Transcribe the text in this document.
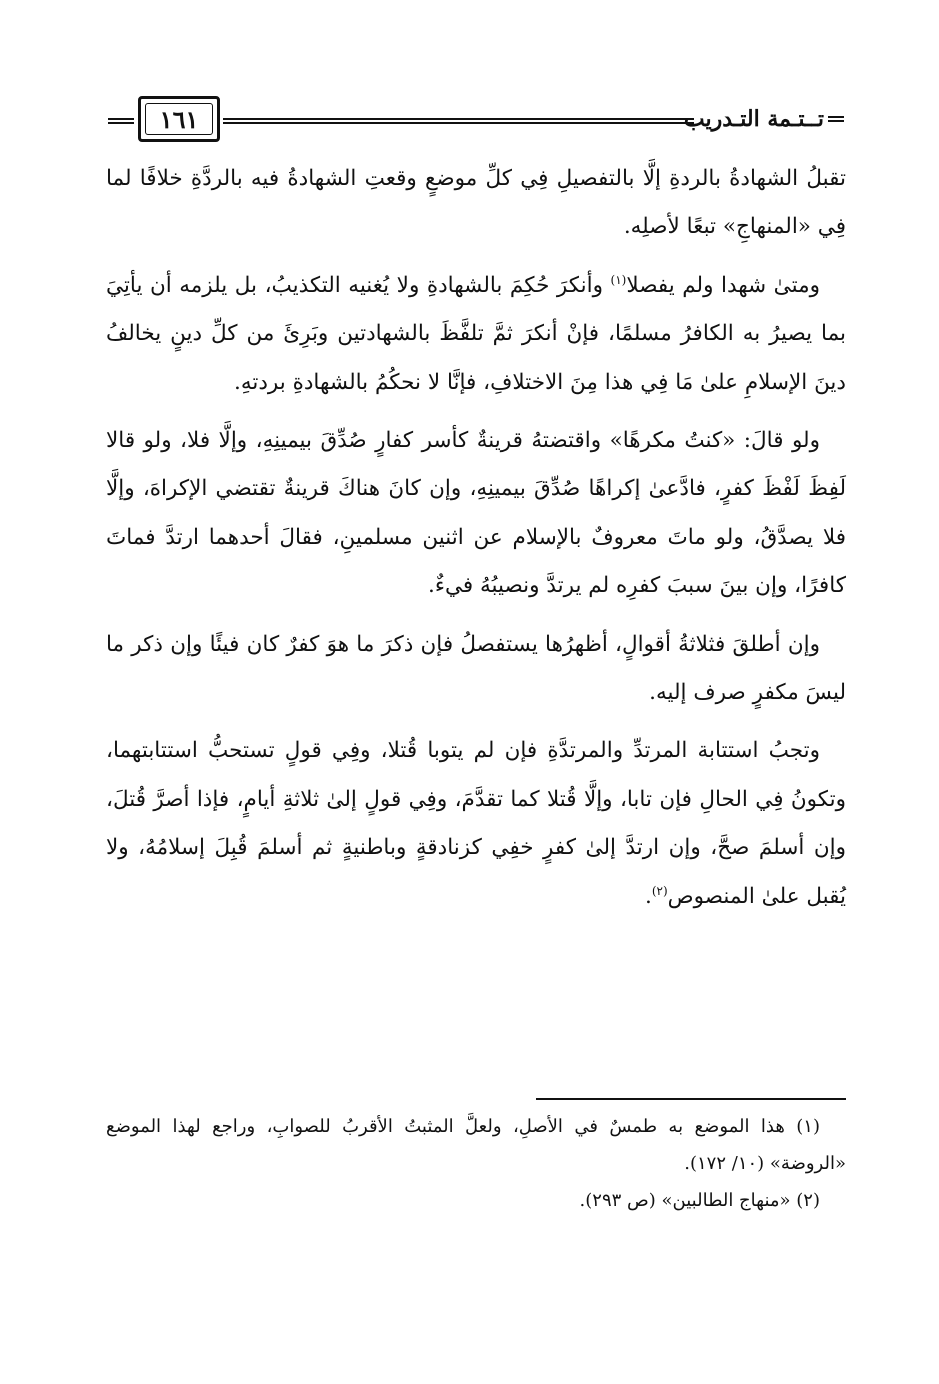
تــتـمة التـدريب
١٦١

تقبلُ الشهادةُ بالردةِ إلَّا بالتفصيلِ فِي كلِّ موضعٍ وقعتِ الشهادةُ فيه بالردَّةِ خلافًا لما فِي «المنهاجِ» تبعًا لأصلِه.

ومتىٰ شهدا ولم يفصلا$^{(١)}$ وأنكرَ حُكِمَ بالشهادةِ ولا يُغنيه التكذيبُ، بل يلزمه أن يأتِيَ بما يصيرُ به الكافرُ مسلمًا، فإنْ أنكرَ ثمَّ تلفَّظَ بالشهادتين وبَرِئَ من كلِّ دينٍ يخالفُ دينَ الإسلامِ علىٰ مَا فِي هذا مِنَ الاختلافِ، فإنَّا لا نحكُمُ بالشهادةِ بردتهِ.

ولو قالَ: «كنتُ مكرهًا» واقتضتهُ قرينةٌ كأسر كفارٍ صُدِّقَ بيمينِهِ، وإلَّا فلا، ولو قالا لَفِظَ لَفْظَ كفرٍ، فادَّعىٰ إكراهًا صُدِّقَ بيمينِهِ، وإن كانَ هناكَ قرينةٌ تقتضي الإكراهَ، وإلَّا فلا يصدَّقُ، ولو ماتَ معروفٌ بالإسلام عن اثنين مسلمينِ، فقالَ أحدهما ارتدَّ فماتَ كافرًا، وإن بينَ سببَ كفرِه لم يرتدَّ ونصيبُهُ فيءٌ.

وإن أطلقَ فثلاثةُ أقوالٍ، أظهرُها يستفصلُ فإن ذكرَ ما هوَ كفرٌ كان فيئًا وإن ذكر ما ليسَ مكفرٍ صرف إليه.

وتجبُ استتابة المرتدِّ والمرتدَّةِ فإن لم يتوبا قُتلا، وفِي قولٍ تستحبُّ استتابتهما، وتكونُ فِي الحالِ فإن تابا، وإلَّا قُتلا كما تقدَّمَ، وفِي قولٍ إلىٰ ثلاثةِ أيامٍ، فإذا أصرَّ قُتلَ، وإن أسلمَ صحَّ، وإن ارتدَّ إلىٰ كفرٍ خفِي كزنادقةٍ وباطنيةٍ ثم أسلمَ قُبِلَ إسلامُهُ، ولا يُقبل علىٰ المنصوص$^{(٢)}$.

(١) هذا الموضع به طمسٌ في الأصلِ، ولعلَّ المثبتُ الأقربُ للصوابِ، وراجع لهذا الموضع «الروضة» (١٠/ ١٧٢).

(٢) «منهاج الطالبين» (ص ٢٩٣).
